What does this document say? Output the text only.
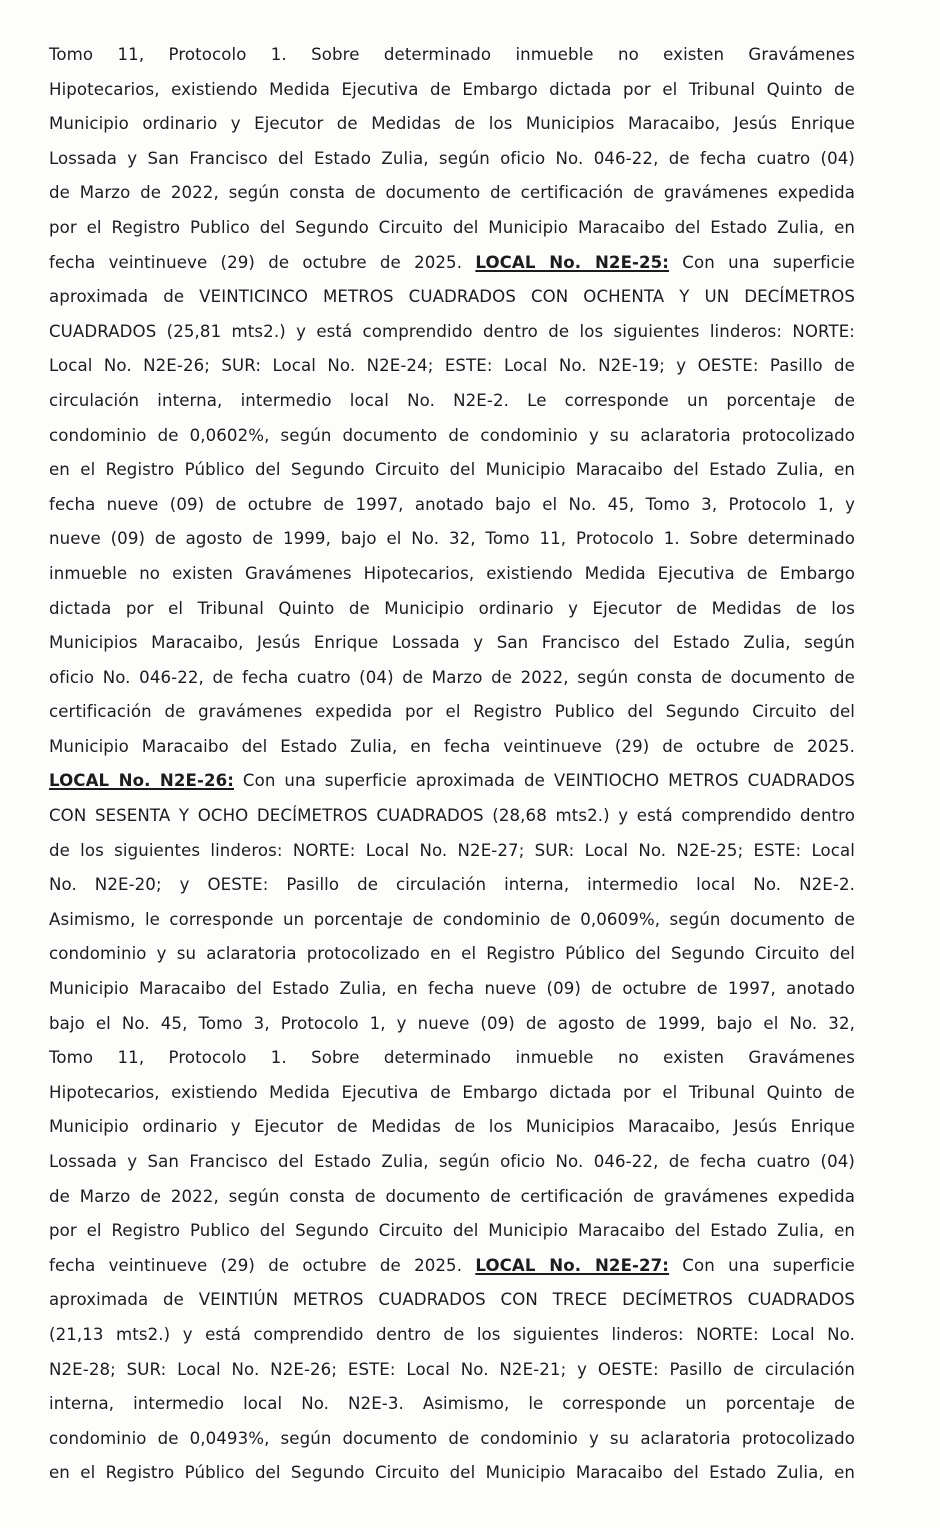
Tomo 11, Protocolo 1. Sobre determinado inmueble no existen Gravámenes
Hipotecarios, existiendo Medida Ejecutiva de Embargo dictada por el Tribunal Quinto de
Municipio ordinario y Ejecutor de Medidas de los Municipios Maracaibo, Jesús Enrique
Lossada y San Francisco del Estado Zulia, según oficio No. 046-22, de fecha cuatro (04)
de Marzo de 2022, según consta de documento de certificación de gravámenes expedida
por el Registro Publico del Segundo Circuito del Municipio Maracaibo del Estado Zulia, en
fecha veintinueve (29) de octubre de 2025. LOCAL No. N2E-25: Con una superficie
aproximada de VEINTICINCO METROS CUADRADOS CON OCHENTA Y UN DECÍMETROS
CUADRADOS (25,81 mts2.) y está comprendido dentro de los siguientes linderos: NORTE:
Local No. N2E-26; SUR: Local No. N2E-24; ESTE: Local No. N2E-19; y OESTE: Pasillo de
circulación interna, intermedio local No. N2E-2. Le corresponde un porcentaje de
condominio de 0,0602%, según documento de condominio y su aclaratoria protocolizado
en el Registro Público del Segundo Circuito del Municipio Maracaibo del Estado Zulia, en
fecha nueve (09) de octubre de 1997, anotado bajo el No. 45, Tomo 3, Protocolo 1, y
nueve (09) de agosto de 1999, bajo el No. 32, Tomo 11, Protocolo 1. Sobre determinado
inmueble no existen Gravámenes Hipotecarios, existiendo Medida Ejecutiva de Embargo
dictada por el Tribunal Quinto de Municipio ordinario y Ejecutor de Medidas de los
Municipios Maracaibo, Jesús Enrique Lossada y San Francisco del Estado Zulia, según
oficio No. 046-22, de fecha cuatro (04) de Marzo de 2022, según consta de documento de
certificación de gravámenes expedida por el Registro Publico del Segundo Circuito del
Municipio Maracaibo del Estado Zulia, en fecha veintinueve (29) de octubre de 2025.
LOCAL No. N2E-26: Con una superficie aproximada de VEINTIOCHO METROS CUADRADOS
CON SESENTA Y OCHO DECÍMETROS CUADRADOS (28,68 mts2.) y está comprendido dentro
de los siguientes linderos: NORTE: Local No. N2E-27; SUR: Local No. N2E-25; ESTE: Local
No. N2E-20; y OESTE: Pasillo de circulación interna, intermedio local No. N2E-2.
Asimismo, le corresponde un porcentaje de condominio de 0,0609%, según documento de
condominio y su aclaratoria protocolizado en el Registro Público del Segundo Circuito del
Municipio Maracaibo del Estado Zulia, en fecha nueve (09) de octubre de 1997, anotado
bajo el No. 45, Tomo 3, Protocolo 1, y nueve (09) de agosto de 1999, bajo el No. 32,
Tomo 11, Protocolo 1. Sobre determinado inmueble no existen Gravámenes
Hipotecarios, existiendo Medida Ejecutiva de Embargo dictada por el Tribunal Quinto de
Municipio ordinario y Ejecutor de Medidas de los Municipios Maracaibo, Jesús Enrique
Lossada y San Francisco del Estado Zulia, según oficio No. 046-22, de fecha cuatro (04)
de Marzo de 2022, según consta de documento de certificación de gravámenes expedida
por el Registro Publico del Segundo Circuito del Municipio Maracaibo del Estado Zulia, en
fecha veintinueve (29) de octubre de 2025. LOCAL No. N2E-27: Con una superficie
aproximada de VEINTIÚN METROS CUADRADOS CON TRECE DECÍMETROS CUADRADOS
(21,13 mts2.) y está comprendido dentro de los siguientes linderos: NORTE: Local No.
N2E-28; SUR: Local No. N2E-26; ESTE: Local No. N2E-21; y OESTE: Pasillo de circulación
interna, intermedio local No. N2E-3. Asimismo, le corresponde un porcentaje de
condominio de 0,0493%, según documento de condominio y su aclaratoria protocolizado
en el Registro Público del Segundo Circuito del Municipio Maracaibo del Estado Zulia, en
